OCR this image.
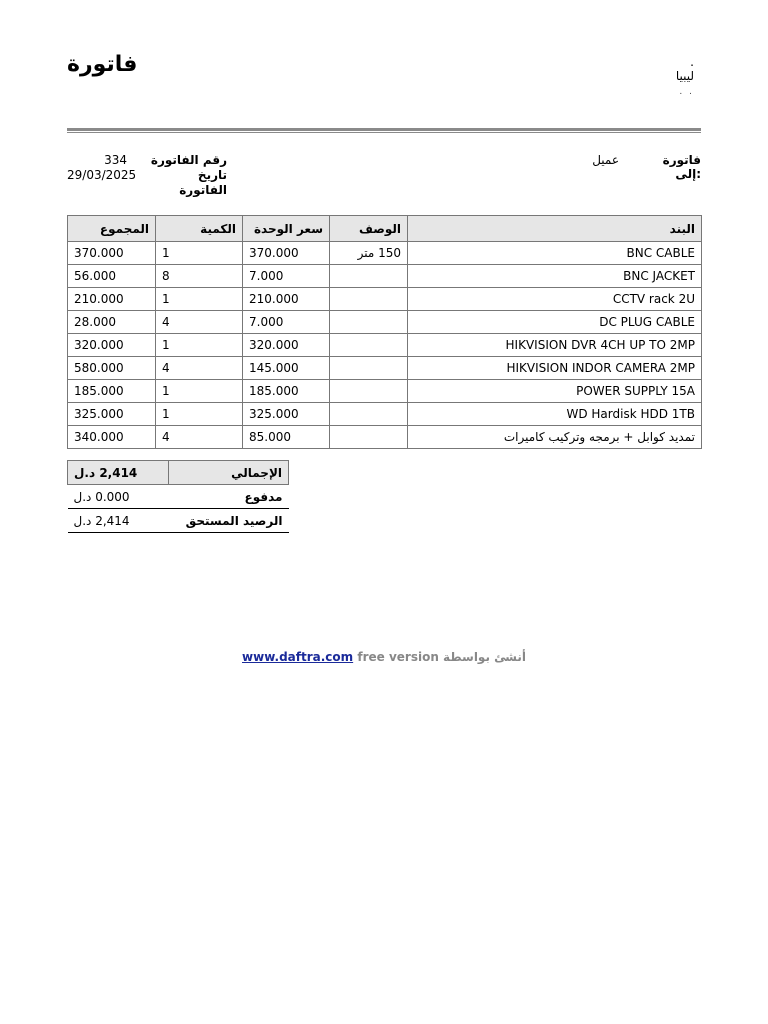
فاتورة	.
ليبيا
. .
عميل	فاتورة إلى:
رقم الفاتورة
334
تاريخ الفاتورة
29/03/2025
البند	الوصف	سعر الوحدة	الكمية	المجموع
BNC CABLE	150 متر	370.000	1	370.000
BNC JACKET		7.000	8	56.000
CCTV rack 2U		210.000	1	210.000
DC PLUG CABLE		7.000	4	28.000
HIKVISION DVR 4CH UP TO 2MP		320.000	1	320.000
HIKVISION INDOR CAMERA 2MP		145.000	4	580.000
POWER SUPPLY 15A		185.000	1	185.000
WD Hardisk HDD 1TB		325.000	1	325.000
تمديد كوابل + برمجه وتركيب كاميرات		85.000	4	340.000
الإجمالي	2,414 د.ل
مدفوع	0.000 د.ل
الرصيد المستحق	2,414 د.ل
www.daftra.com free version أنشئ بواسطة
